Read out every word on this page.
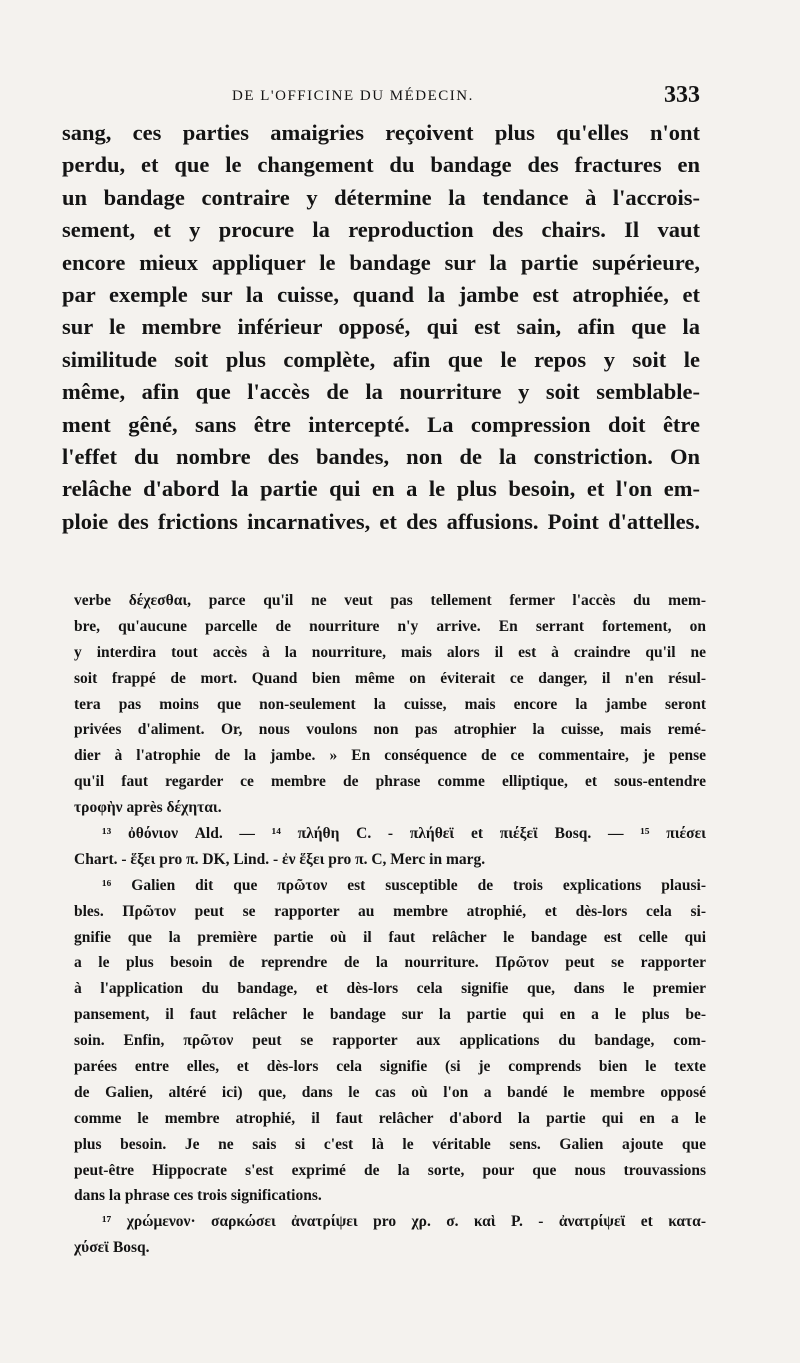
DE L'OFFICINE DU MÉDECIN.	333
sang, ces parties amaigries reçoivent plus qu'elles n'ont
perdu, et que le changement du bandage des fractures en
un bandage contraire y détermine la tendance à l'accrois-
sement, et y procure la reproduction des chairs. Il vaut
encore mieux appliquer le bandage sur la partie supérieure,
par exemple sur la cuisse, quand la jambe est atrophiée, et
sur le membre inférieur opposé, qui est sain, afin que la
similitude soit plus complète, afin que le repos y soit le
même, afin que l'accès de la nourriture y soit semblable-
ment gêné, sans être intercepté. La compression doit être
l'effet du nombre des bandes, non de la constriction. On
relâche d'abord la partie qui en a le plus besoin, et l'on em-
ploie des frictions incarnatives, et des affusions. Point d'attelles.
verbe δέχεσθαι, parce qu'il ne veut pas tellement fermer l'accès du mem-
bre, qu'aucune parcelle de nourriture n'y arrive. En serrant fortement, on
y interdira tout accès à la nourriture, mais alors il est à craindre qu'il ne
soit frappé de mort. Quand bien même on éviterait ce danger, il n'en résul-
tera pas moins que non-seulement la cuisse, mais encore la jambe seront
privées d'aliment. Or, nous voulons non pas atrophier la cuisse, mais remé-
dier à l'atrophie de la jambe. » En conséquence de ce commentaire, je pense
qu'il faut regarder ce membre de phrase comme elliptique, et sous-entendre
τροφὴν après δέχηται.
¹³ ὀθόνιον Ald. — ¹⁴ πλήθη C. - πλήθεϊ et πιέξεϊ Bosq. — ¹⁵ πιέσει
Chart. - ἕξει pro π. DK, Lind. - ἐν ἕξει pro π. C, Merc in marg.
¹⁶ Galien dit que πρῶτον est susceptible de trois explications plausi-
bles. Πρῶτον peut se rapporter au membre atrophié, et dès-lors cela si-
gnifie que la première partie où il faut relâcher le bandage est celle qui
a le plus besoin de reprendre de la nourriture. Πρῶτον peut se rapporter
à l'application du bandage, et dès-lors cela signifie que, dans le premier
pansement, il faut relâcher le bandage sur la partie qui en a le plus be-
soin. Enfin, πρῶτον peut se rapporter aux applications du bandage, com-
parées entre elles, et dès-lors cela signifie (si je comprends bien le texte
de Galien, altéré ici) que, dans le cas où l'on a bandé le membre opposé
comme le membre atrophié, il faut relâcher d'abord la partie qui en a le
plus besoin. Je ne sais si c'est là le véritable sens. Galien ajoute que
peut-être Hippocrate s'est exprimé de la sorte, pour que nous trouvassions
dans la phrase ces trois significations.
¹⁷ χρώμενον· σαρκώσει ἀνατρίψει pro χρ. σ. καὶ P. - ἀνατρίψεϊ et κατα-
χύσεϊ Bosq.
